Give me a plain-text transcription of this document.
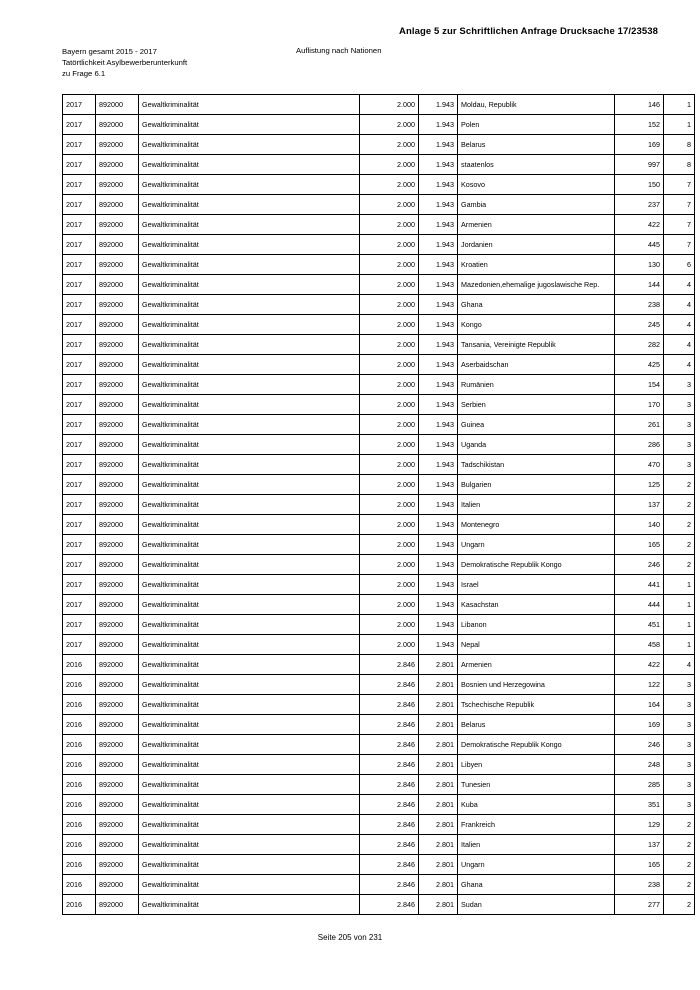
Anlage 5 zur Schriftlichen Anfrage Drucksache 17/23538
Bayern gesamt 2015 - 2017
Tatörtlichkeit Asylbewerberunterkunft
zu Frage 6.1
Auflistung nach Nationen
2017	892000	Gewaltkriminalität	2.000	1.943	Moldau, Republik	146	1
2017	892000	Gewaltkriminalität	2.000	1.943	Polen	152	1
2017	892000	Gewaltkriminalität	2.000	1.943	Belarus	169	8
2017	892000	Gewaltkriminalität	2.000	1.943	staatenlos	997	8
2017	892000	Gewaltkriminalität	2.000	1.943	Kosovo	150	7
2017	892000	Gewaltkriminalität	2.000	1.943	Gambia	237	7
2017	892000	Gewaltkriminalität	2.000	1.943	Armenien	422	7
2017	892000	Gewaltkriminalität	2.000	1.943	Jordanien	445	7
2017	892000	Gewaltkriminalität	2.000	1.943	Kroatien	130	6
2017	892000	Gewaltkriminalität	2.000	1.943	Mazedonien,ehemalige jugoslawische Rep.	144	4
2017	892000	Gewaltkriminalität	2.000	1.943	Ghana	238	4
2017	892000	Gewaltkriminalität	2.000	1.943	Kongo	245	4
2017	892000	Gewaltkriminalität	2.000	1.943	Tansania, Vereinigte Republik	282	4
2017	892000	Gewaltkriminalität	2.000	1.943	Aserbaidschan	425	4
2017	892000	Gewaltkriminalität	2.000	1.943	Rumänien	154	3
2017	892000	Gewaltkriminalität	2.000	1.943	Serbien	170	3
2017	892000	Gewaltkriminalität	2.000	1.943	Guinea	261	3
2017	892000	Gewaltkriminalität	2.000	1.943	Uganda	286	3
2017	892000	Gewaltkriminalität	2.000	1.943	Tadschikistan	470	3
2017	892000	Gewaltkriminalität	2.000	1.943	Bulgarien	125	2
2017	892000	Gewaltkriminalität	2.000	1.943	Italien	137	2
2017	892000	Gewaltkriminalität	2.000	1.943	Montenegro	140	2
2017	892000	Gewaltkriminalität	2.000	1.943	Ungarn	165	2
2017	892000	Gewaltkriminalität	2.000	1.943	Demokratische Republik Kongo	246	2
2017	892000	Gewaltkriminalität	2.000	1.943	Israel	441	1
2017	892000	Gewaltkriminalität	2.000	1.943	Kasachstan	444	1
2017	892000	Gewaltkriminalität	2.000	1.943	Libanon	451	1
2017	892000	Gewaltkriminalität	2.000	1.943	Nepal	458	1
2016	892000	Gewaltkriminalität	2.846	2.801	Armenien	422	4
2016	892000	Gewaltkriminalität	2.846	2.801	Bosnien und Herzegowina	122	3
2016	892000	Gewaltkriminalität	2.846	2.801	Tschechische Republik	164	3
2016	892000	Gewaltkriminalität	2.846	2.801	Belarus	169	3
2016	892000	Gewaltkriminalität	2.846	2.801	Demokratische Republik Kongo	246	3
2016	892000	Gewaltkriminalität	2.846	2.801	Libyen	248	3
2016	892000	Gewaltkriminalität	2.846	2.801	Tunesien	285	3
2016	892000	Gewaltkriminalität	2.846	2.801	Kuba	351	3
2016	892000	Gewaltkriminalität	2.846	2.801	Frankreich	129	2
2016	892000	Gewaltkriminalität	2.846	2.801	Italien	137	2
2016	892000	Gewaltkriminalität	2.846	2.801	Ungarn	165	2
2016	892000	Gewaltkriminalität	2.846	2.801	Ghana	238	2
2016	892000	Gewaltkriminalität	2.846	2.801	Sudan	277	2
Seite 205 von 231
